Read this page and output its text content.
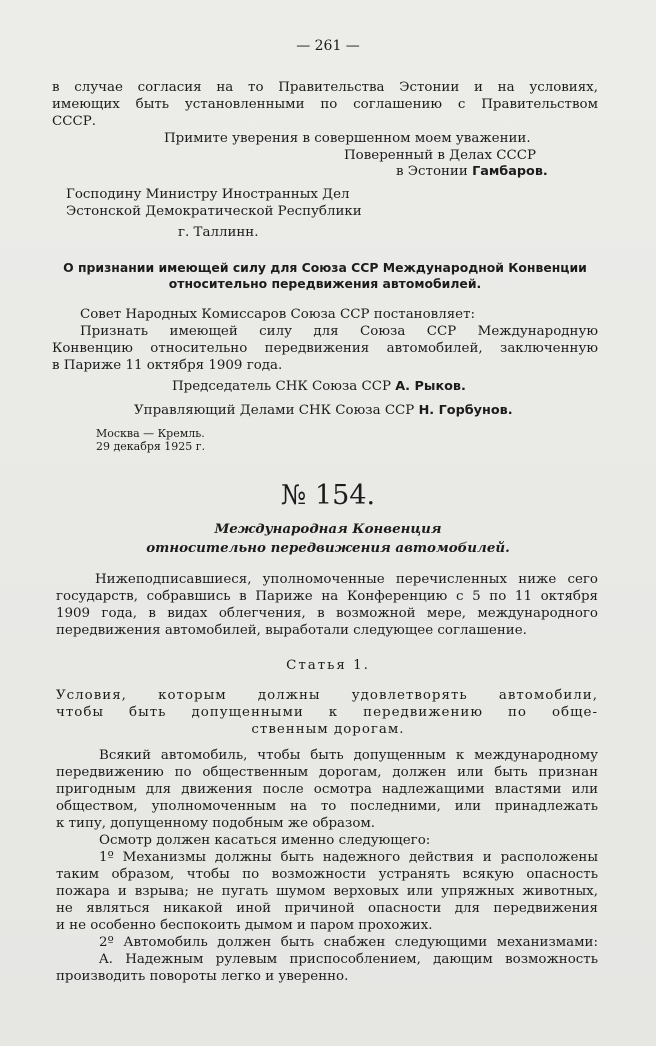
— 261 —
в случае согласия на то Правительства Эстонии и на условиях,
имеющих быть установленными по соглашению с Правительством
СССР.
Примите уверения в совершенном моем уважении.
Поверенный в Делах СССР
в Эстонии Гамбаров.
Господину Министру Иностранных Дел
Эстонской Демократической Республики
г. Таллинн.
О признании имеющей силу для Союза ССР Международной Конвенции
относительно передвижения автомобилей.
Совет Народных Комиссаров Союза ССР постановляет:
Признать имеющей силу для Союза ССР Международную
Конвенцию относительно передвижения автомобилей, заключенную
в Париже 11 октября 1909 года.
Председатель СНК Союза ССР А. Рыков.
Управляющий Делами СНК Союза ССР Н. Горбунов.
Москва — Кремль.
29 декабря 1925 г.
№ 154.
Международная Конвенция
относительно передвижения автомобилей.
Нижеподписавшиеся, уполномоченные перечисленных ниже сего
государств, собравшись в Париже на Конференцию с 5 по 11 октября
1909 года, в видах облегчения, в возможной мере, международного
передвижения автомобилей, выработали следующее соглашение.
Статья 1.
Условия, которым должны удовлетворять автомобили,
чтобы быть допущенными к передвижению по обще-
ственным дорогам.
Всякий автомобиль, чтобы быть допущенным к международному
передвижению по общественным дорогам, должен или быть признан
пригодным для движения после осмотра надлежащими властями или
обществом, уполномоченным на то последними, или принадлежать
к типу, допущенному подобным же образом.
Осмотр должен касаться именно следующего:
1º Механизмы должны быть надежного действия и расположены
таким образом, чтобы по возможности устранять всякую опасность
пожара и взрыва; не пугать шумом верховых или упряжных животных,
не являться никакой иной причиной опасности для передвижения
и не особенно беспокоить дымом и паром прохожих.
2º Автомобиль должен быть снабжен следующими механизмами:
A. Надежным рулевым приспособлением, дающим возможность
производить повороты легко и уверенно.
